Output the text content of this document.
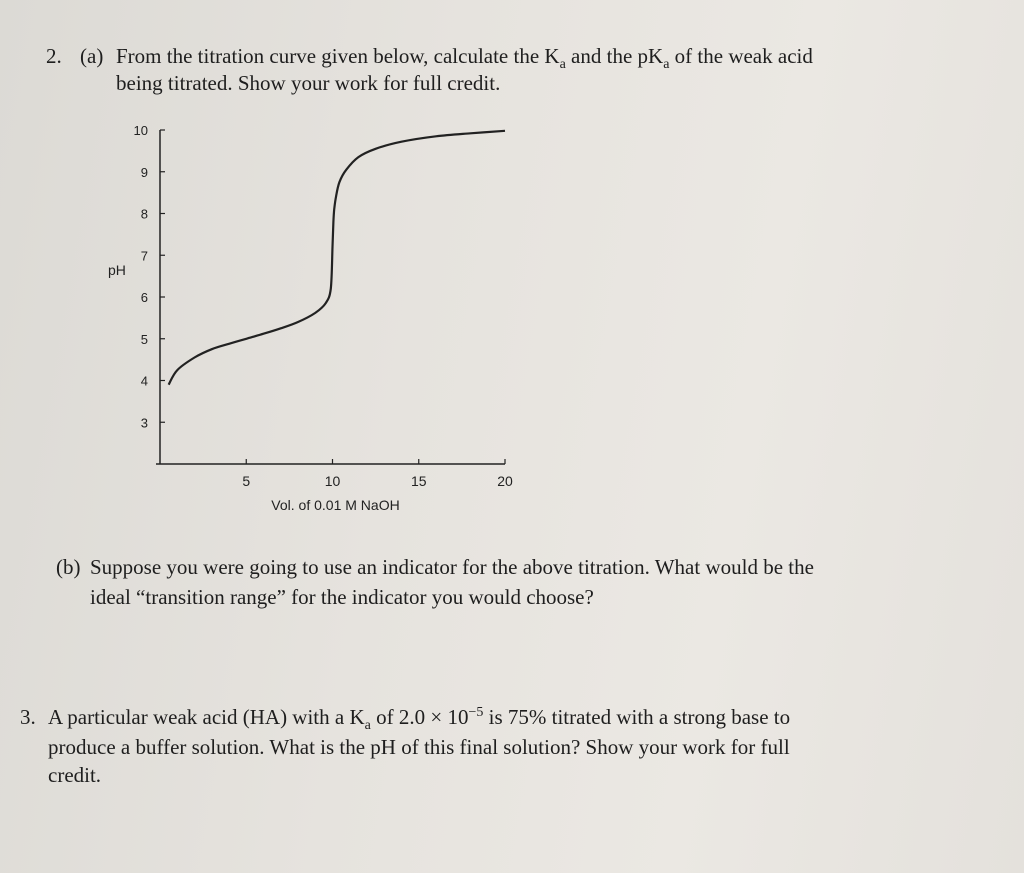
2. (a) From the titration curve given below, calculate the $K_a$ and the $pK_a$ of the weak acid
being titrated. Show your work for full credit.
3
4
5
6
7
8
9
10
5	10	15	20
pH
Vol. of 0.01 M NaOH
(b) Suppose you were going to use an indicator for the above titration. What would be the
ideal “transition range” for the indicator you would choose?
3. A particular weak acid (HA) with a $K_a$ of $2.0 \times 10^{-5}$ is 75% titrated with a strong base to
produce a buffer solution. What is the pH of this final solution? Show your work for full
credit.
